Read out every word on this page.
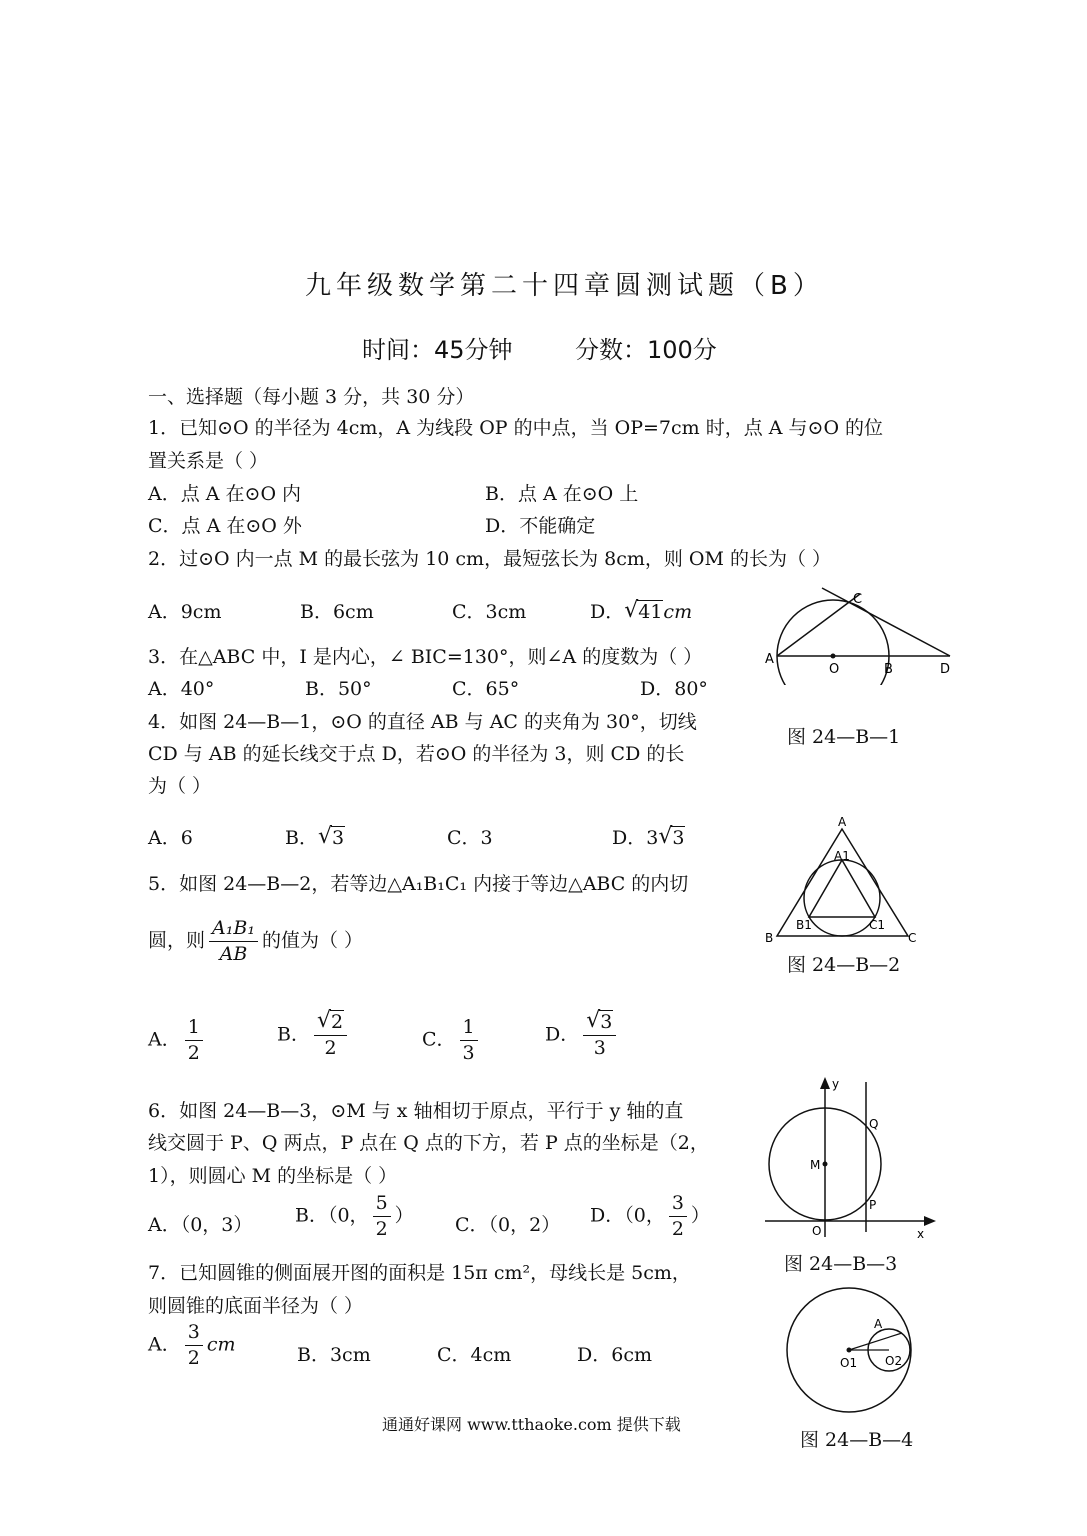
九年级数学第二十四章圆测试题（B）
时间：45分钟	分数：100分
一、选择题（每小题 3 分，共 30 分）
1．已知⊙O 的半径为 4cm，A 为线段 OP 的中点，当 OP=7cm 时，点 A 与⊙O 的位
置关系是（ ）
A．点 A 在⊙O 内	B．点 A 在⊙O 上
C．点 A 在⊙O 外	D．不能确定
2．过⊙O 内一点 M 的最长弦为 10 cm，最短弦长为 8cm，则 OM 的长为（ ）
A．9cm	B．6cm	C．3cm	D． √ 41cm
3．在△ABC 中，I 是内心，∠ BIC=130°，则∠A 的度数为（ ）
A．40°	B．50°	C．65°	D．80°
4．如图 24—B—1，⊙O 的直径 AB 与 AC 的夹角为 30°，切线
CD 与 AB 的延长线交于点 D，若⊙O 的半径为 3，则 CD 的长
为（ ）
A．6	B． √ 3	C．3	D．3 √ 3
5．如图 24—B—2，若等边△A₁B₁C₁ 内接于等边△ABC 的内切
圆，则 $\frac{\text{A₁B₁}}{AB}$ 的值为（ ）
A． $\frac{1}{2}$	B． √ $\frac{2}{2}$	C． $\frac{1}{3}$	D． √ $\frac{3}{3}$
6．如图 24—B—3，⊙M 与 x 轴相切于原点，平行于 y 轴的直
线交圆于 P、Q 两点，P 点在 Q 点的下方，若 P 点的坐标是（2，
1），则圆心 M 的坐标是（ ）
A．（0，3） B．（0， $\frac{5}{2}$ ） C．（0，2） D．（0， $\frac{3}{2}$ ）
7．已知圆锥的侧面展开图的面积是 15π cm²，母线长是 5cm，
则圆锥的底面半径为（ ）
A． $\frac{3}{2}$ cm	B．3cm	C．4cm	D．6cm
A
O	B
C
D
图 24—B—1
A
A1
B1	C1
B	C
图 24—B—2
y
Q
M
P
O	x
图 24—B—3
A
O1 O2
图 24—B—4
通通好课网 www.tthaoke.com 提供下载
